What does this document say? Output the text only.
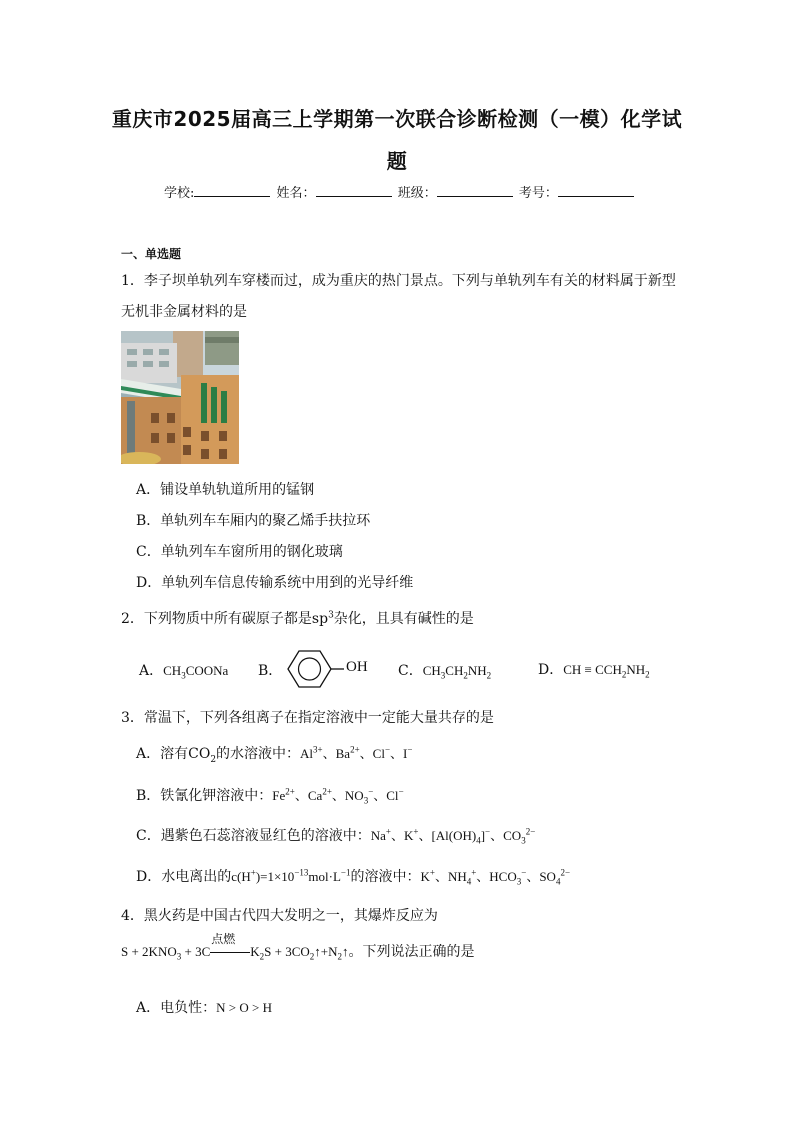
重庆市2025届高三上学期第一次联合诊断检测（一模）化学试
题
学校:	姓名：	班级：	考号：
一、单选题
1．李子坝单轨列车穿楼而过，成为重庆的热门景点。下列与单轨列车有关的材料属于新型
无机非金属材料的是
A．铺设单轨轨道所用的锰钢
B．单轨列车车厢内的聚乙烯手扶拉环
C．单轨列车车窗所用的钢化玻璃
D．单轨列车信息传输系统中用到的光导纤维
2．下列物质中所有碳原子都是$sp^3$杂化，且具有碱性的是
A．$CH_3COONa$ B．	OH C．$CH_3CH_2NH_2$	D．CH ≡ $CCH_2NH_2$
3．常温下，下列各组离子在指定溶液中一定能大量共存的是
A．溶有$CO_2$的水溶液中：$Al^{3+}$、$Ba^{2+}$、Cl−、I−
B．铁氰化钾溶液中：$Fe^{2+}$、$Ca^{2+}$、$NO_3^-$、Cl−
C．遇紫色石蕊溶液显红色的溶液中：Na+、K+、$[Al(OH)_4]^-$、$CO_3^{2-}$
D．水电离出的$c(H^+)=1\times 10^{-13}mol\cdot L^{-1}$的溶液中：K+、$NH_4^+$、$HCO_3^-$、$SO_4^{2-}$
4．黑火药是中国古代四大发明之一，其爆炸反应为
$S + 2KNO_3 + 3C$
点燃
$K_2S$ + $3CO_2↑+N_2↑$。下列说法正确的是
A．电负性：N > O > H
